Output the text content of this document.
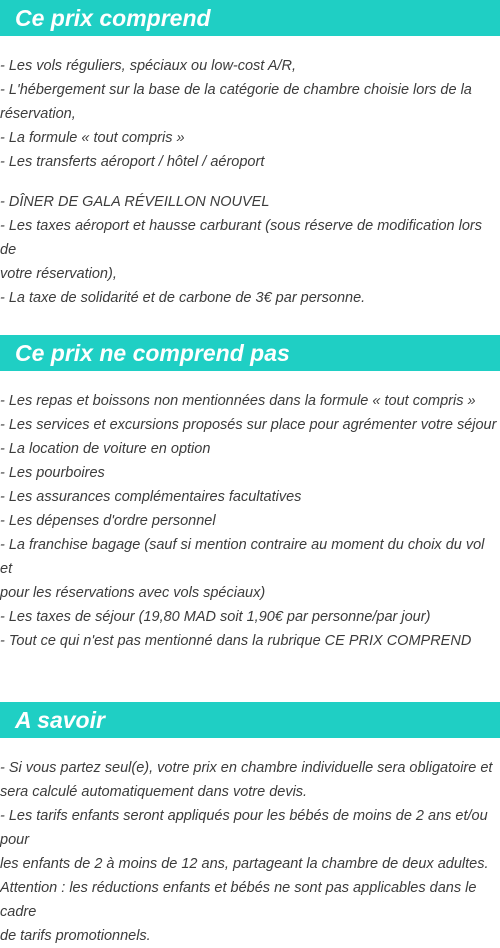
Ce prix comprend
- Les vols réguliers, spéciaux ou low-cost A/R,
- L'hébergement sur la base de la catégorie de chambre choisie lors de la
réservation,
- La formule « tout compris »
- Les transferts aéroport / hôtel / aéroport
- DÎNER DE GALA RÉVEILLON NOUVEL
- Les taxes aéroport et hausse carburant (sous réserve de modification lors de
votre réservation),
- La taxe de solidarité et de carbone de 3€ par personne.
Ce prix ne comprend pas
- Les repas et boissons non mentionnées dans la formule « tout compris »
- Les services et excursions proposés sur place pour agrémenter votre séjour
- La location de voiture en option
- Les pourboires
- Les assurances complémentaires facultatives
- Les dépenses d'ordre personnel
- La franchise bagage (sauf si mention contraire au moment du choix du vol et
pour les réservations avec vols spéciaux)
- Les taxes de séjour (19,80 MAD soit 1,90€ par personne/par jour)
- Tout ce qui n'est pas mentionné dans la rubrique CE PRIX COMPREND
A savoir
- Si vous partez seul(e), votre prix en chambre individuelle sera obligatoire et
sera calculé automatiquement dans votre devis.
- Les tarifs enfants seront appliqués pour les bébés de moins de 2 ans et/ou pour
les enfants de 2 à moins de 12 ans, partageant la chambre de deux adultes.
Attention : les réductions enfants et bébés ne sont pas applicables dans le cadre
de tarifs promotionnels.
